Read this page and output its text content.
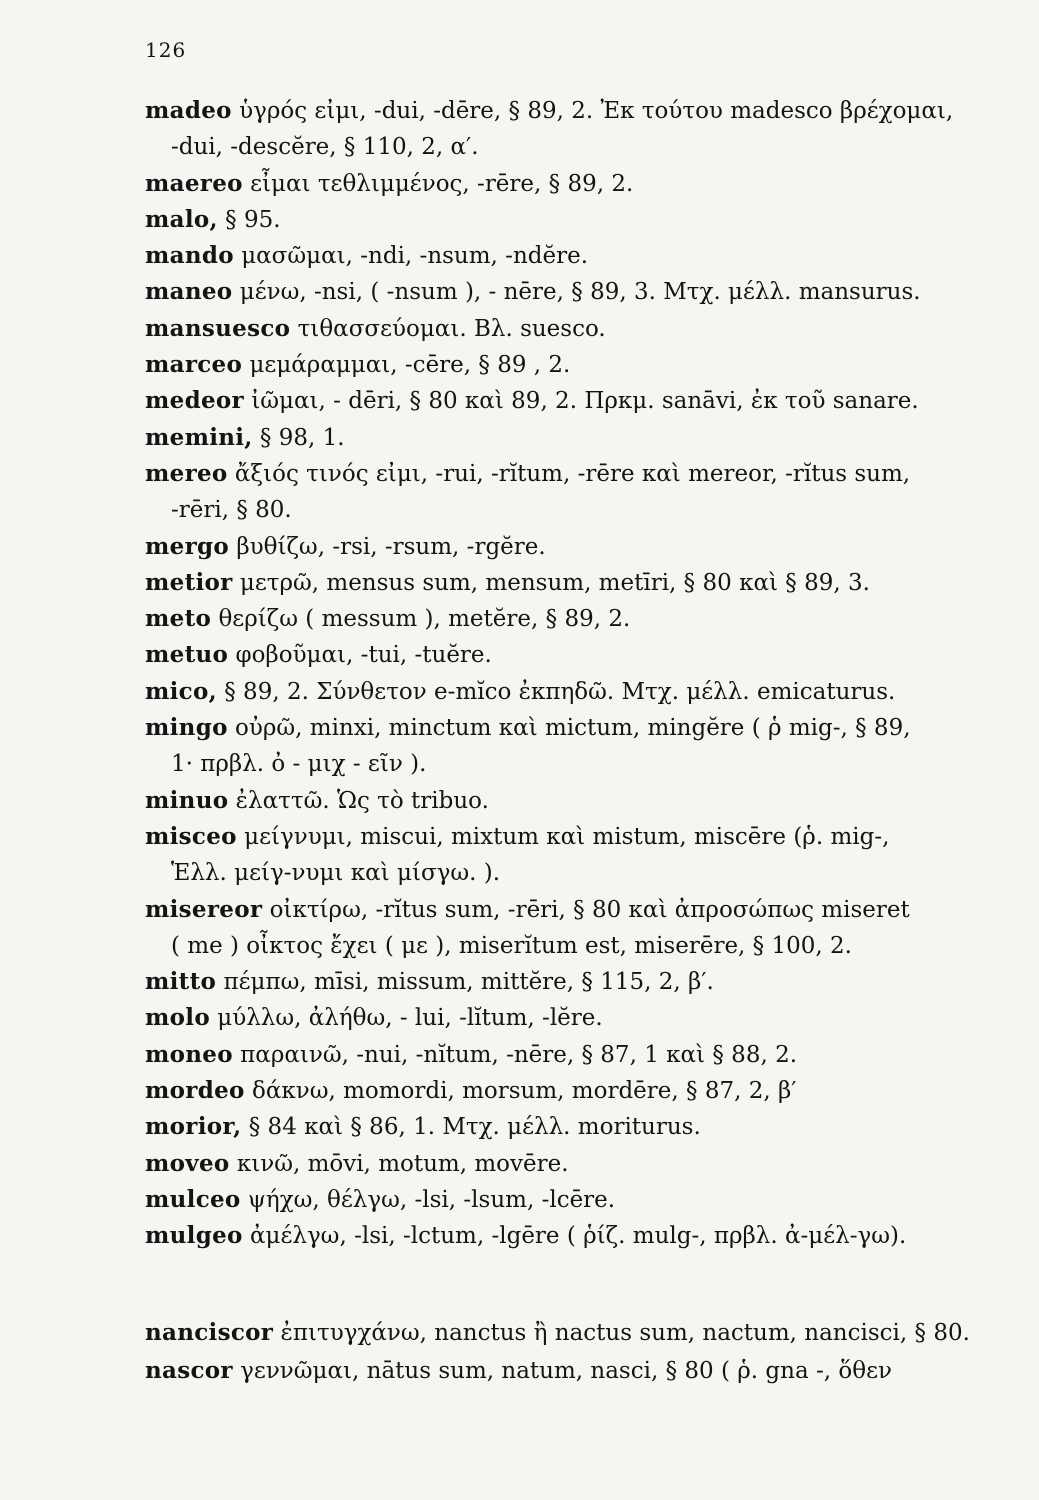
126
madeo ὑγρός εἰμι, -dui, -dēre, § 89, 2. Ἐκ τούτου madesco βρέχομαι,
-dui, -descĕre, § 110, 2, α′.
maereo εἶμαι τεθλιμμένος, -rēre, § 89, 2.
malo, § 95.
mando μασῶμαι, -ndi, -nsum, -ndĕre.
maneo μένω, -nsi, ( -nsum ), - nēre, § 89, 3. Μτχ. μέλλ. mansurus.
mansuesco τιθασσεύομαι. Βλ. suesco.
marceo μεμάραμμαι, -cēre, § 89 , 2.
medeor ἰῶμαι, - dēri, § 80 καὶ 89, 2. Πρκμ. sanāvi, ἐκ τοῦ sanare.
memini, § 98, 1.
mereo ἄξιός τινός εἰμι, -rui, -rĭtum, -rēre καὶ mereor, -rĭtus sum,
-rēri, § 80.
mergo βυθίζω, -rsi, -rsum, -rgĕre.
metior μετρῶ, mensus sum, mensum, metīri, § 80 καὶ § 89, 3.
meto θερίζω ( messum ), metĕre, § 89, 2.
metuo φοβοῦμαι, -tui, -tuĕre.
mico, § 89, 2. Σύνθετον e-mĭco ἐκπηδῶ. Μτχ. μέλλ. emicaturus.
mingo οὐρῶ, minxi, minctum καὶ mictum, mingĕre ( ῥ mig-, § 89,
1· πρβλ. ὀ - μιχ - εῖν ).
minuo ἐλαττῶ. Ὡς τὸ tribuo.
misceo μείγνυμι, miscui, mixtum καὶ mistum, miscēre (ῥ. mig-,
Ἑλλ. μείγ-νυμι καὶ μίσγω. ).
misereor οἰκτίρω, -rĭtus sum, -rēri, § 80 καὶ ἀπροσώπως miseret
( me ) οἶκτος ἔχει ( με ), miserĭtum est, miserēre, § 100, 2.
mitto πέμπω, mīsi, missum, mittĕre, § 115, 2, β′.
molo μύλλω, ἀλήθω, - lui, -lĭtum, -lĕre.
moneo παραινῶ, -nui, -nĭtum, -nēre, § 87, 1 καὶ § 88, 2.
mordeo δάκνω, momordi, morsum, mordēre, § 87, 2, β′
morior, § 84 καὶ § 86, 1. Μτχ. μέλλ. moriturus.
moveo κινῶ, mōvi, motum, movēre.
mulceo ψήχω, θέλγω, -lsi, -lsum, -lcēre.
mulgeo ἀμέλγω, -lsi, -lctum, -lgēre ( ῥίζ. mulg-, πρβλ. ἀ-μέλ-γω).
nanciscor ἐπιτυγχάνω, nanctus ἢ nactus sum, nactum, nancisci, § 80.
nascor γεννῶμαι, nātus sum, natum, nasci, § 80 ( ῥ. gna -, ὅθεν
